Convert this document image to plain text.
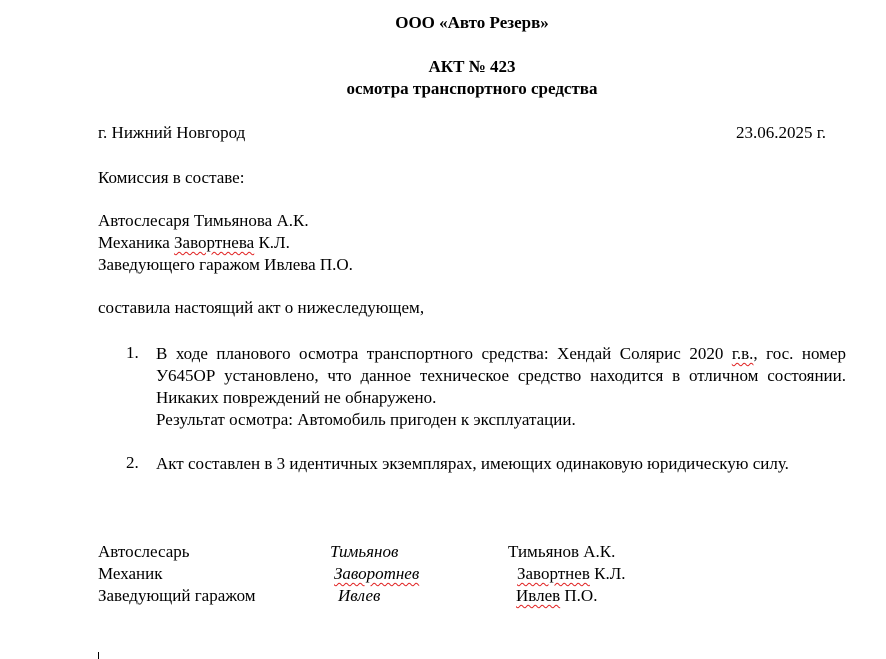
ООО «Авто Резерв»
АКТ № 423
осмотра транспортного средства
г. Нижний Новгород	23.06.2025 г.
Комиссия в составе:
Автослесаря Тимьянова А.К.
Механика Завортнева К.Л.
Заведующего гаражом Ивлева П.О.
составила настоящий акт о нижеследующем,
1. В ходе планового осмотра транспортного средства: Хендай Солярис 2020 г.в., гос. номер У645ОР установлено, что данное техническое средство находится в отличном состоянии. Никаких повреждений не обнаружено.

Результат осмотра: Автомобиль пригоден к эксплуатации.

2. Акт составлен в 3 идентичных экземплярах, имеющих одинаковую юридическую силу.

Автослесарь	Тимьянов	Тимьянов А.К.
Механик	Заворотнев	Завортнев К.Л.
Заведующий гаражом	Ивлев	Ивлев П.О.
